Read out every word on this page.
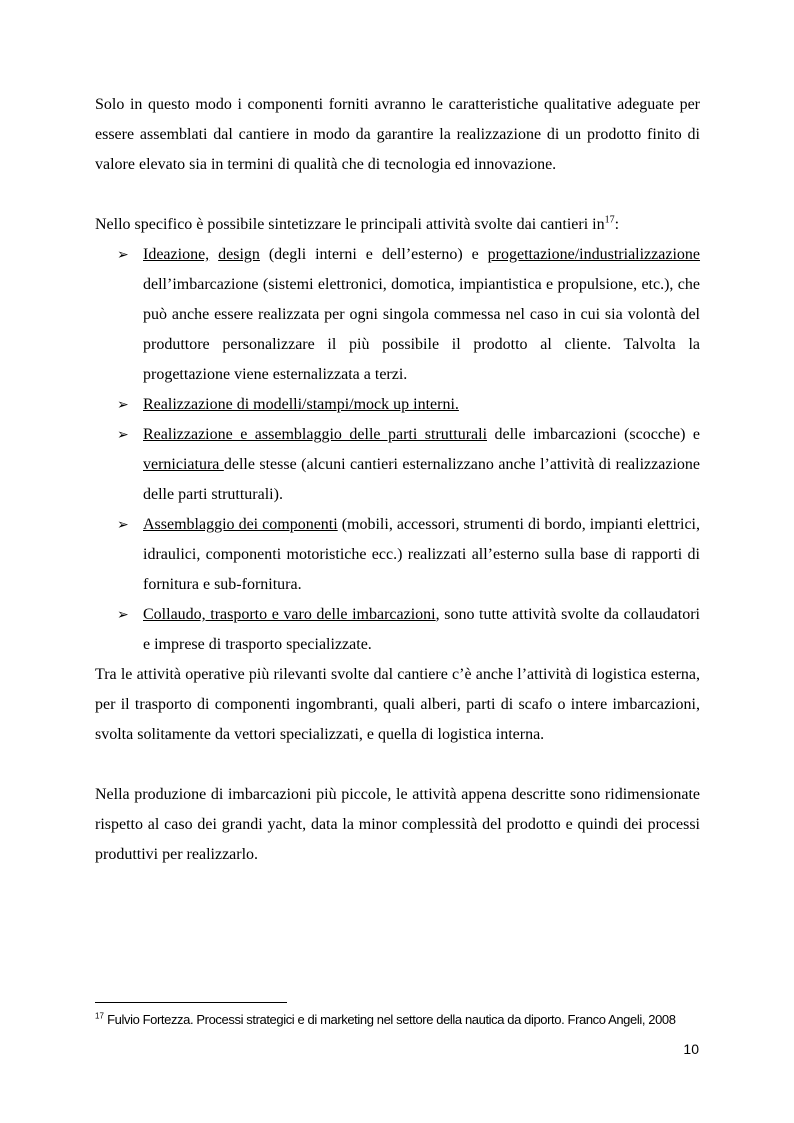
Solo in questo modo i componenti forniti avranno le caratteristiche qualitative adeguate per essere assemblati dal cantiere in modo da garantire la realizzazione di un prodotto finito di valore elevato sia in termini di qualità che di tecnologia ed innovazione.

Nello specifico è possibile sintetizzare le principali attività svolte dai cantieri $in^{17}$:

➢ Ideazione, design (degli interni e dell’esterno) e progettazione/industrializzazione dell’imbarcazione (sistemi elettronici, domotica, impiantistica e propulsione, etc.), che può anche essere realizzata per ogni singola commessa nel caso in cui sia volontà del produttore personalizzare il più possibile il prodotto al cliente. Talvolta la progettazione viene esternalizzata a terzi.
➢ Realizzazione di modelli/stampi/mock up interni.
➢ Realizzazione e assemblaggio delle parti strutturali delle imbarcazioni (scocche) e verniciatura delle stesse (alcuni cantieri esternalizzano anche l’attività di realizzazione delle parti strutturali).
➢ Assemblaggio dei componenti (mobili, accessori, strumenti di bordo, impianti elettrici, idraulici, componenti motoristiche ecc.) realizzati all’esterno sulla base di rapporti di fornitura e sub-fornitura.
➢ Collaudo, trasporto e varo delle imbarcazioni, sono tutte attività svolte da collaudatori e imprese di trasporto specializzate.

Tra le attività operative più rilevanti svolte dal cantiere c’è anche l’attività di logistica esterna, per il trasporto di componenti ingombranti, quali alberi, parti di scafo o intere imbarcazioni, svolta solitamente da vettori specializzati, e quella di logistica interna.

Nella produzione di imbarcazioni più piccole, le attività appena descritte sono ridimensionate rispetto al caso dei grandi yacht, data la minor complessità del prodotto e quindi dei processi produttivi per realizzarlo.

$^{17}$ Fulvio Fortezza. Processi strategici e di marketing nel settore della nautica da diporto. Franco Angeli, 2008
10
